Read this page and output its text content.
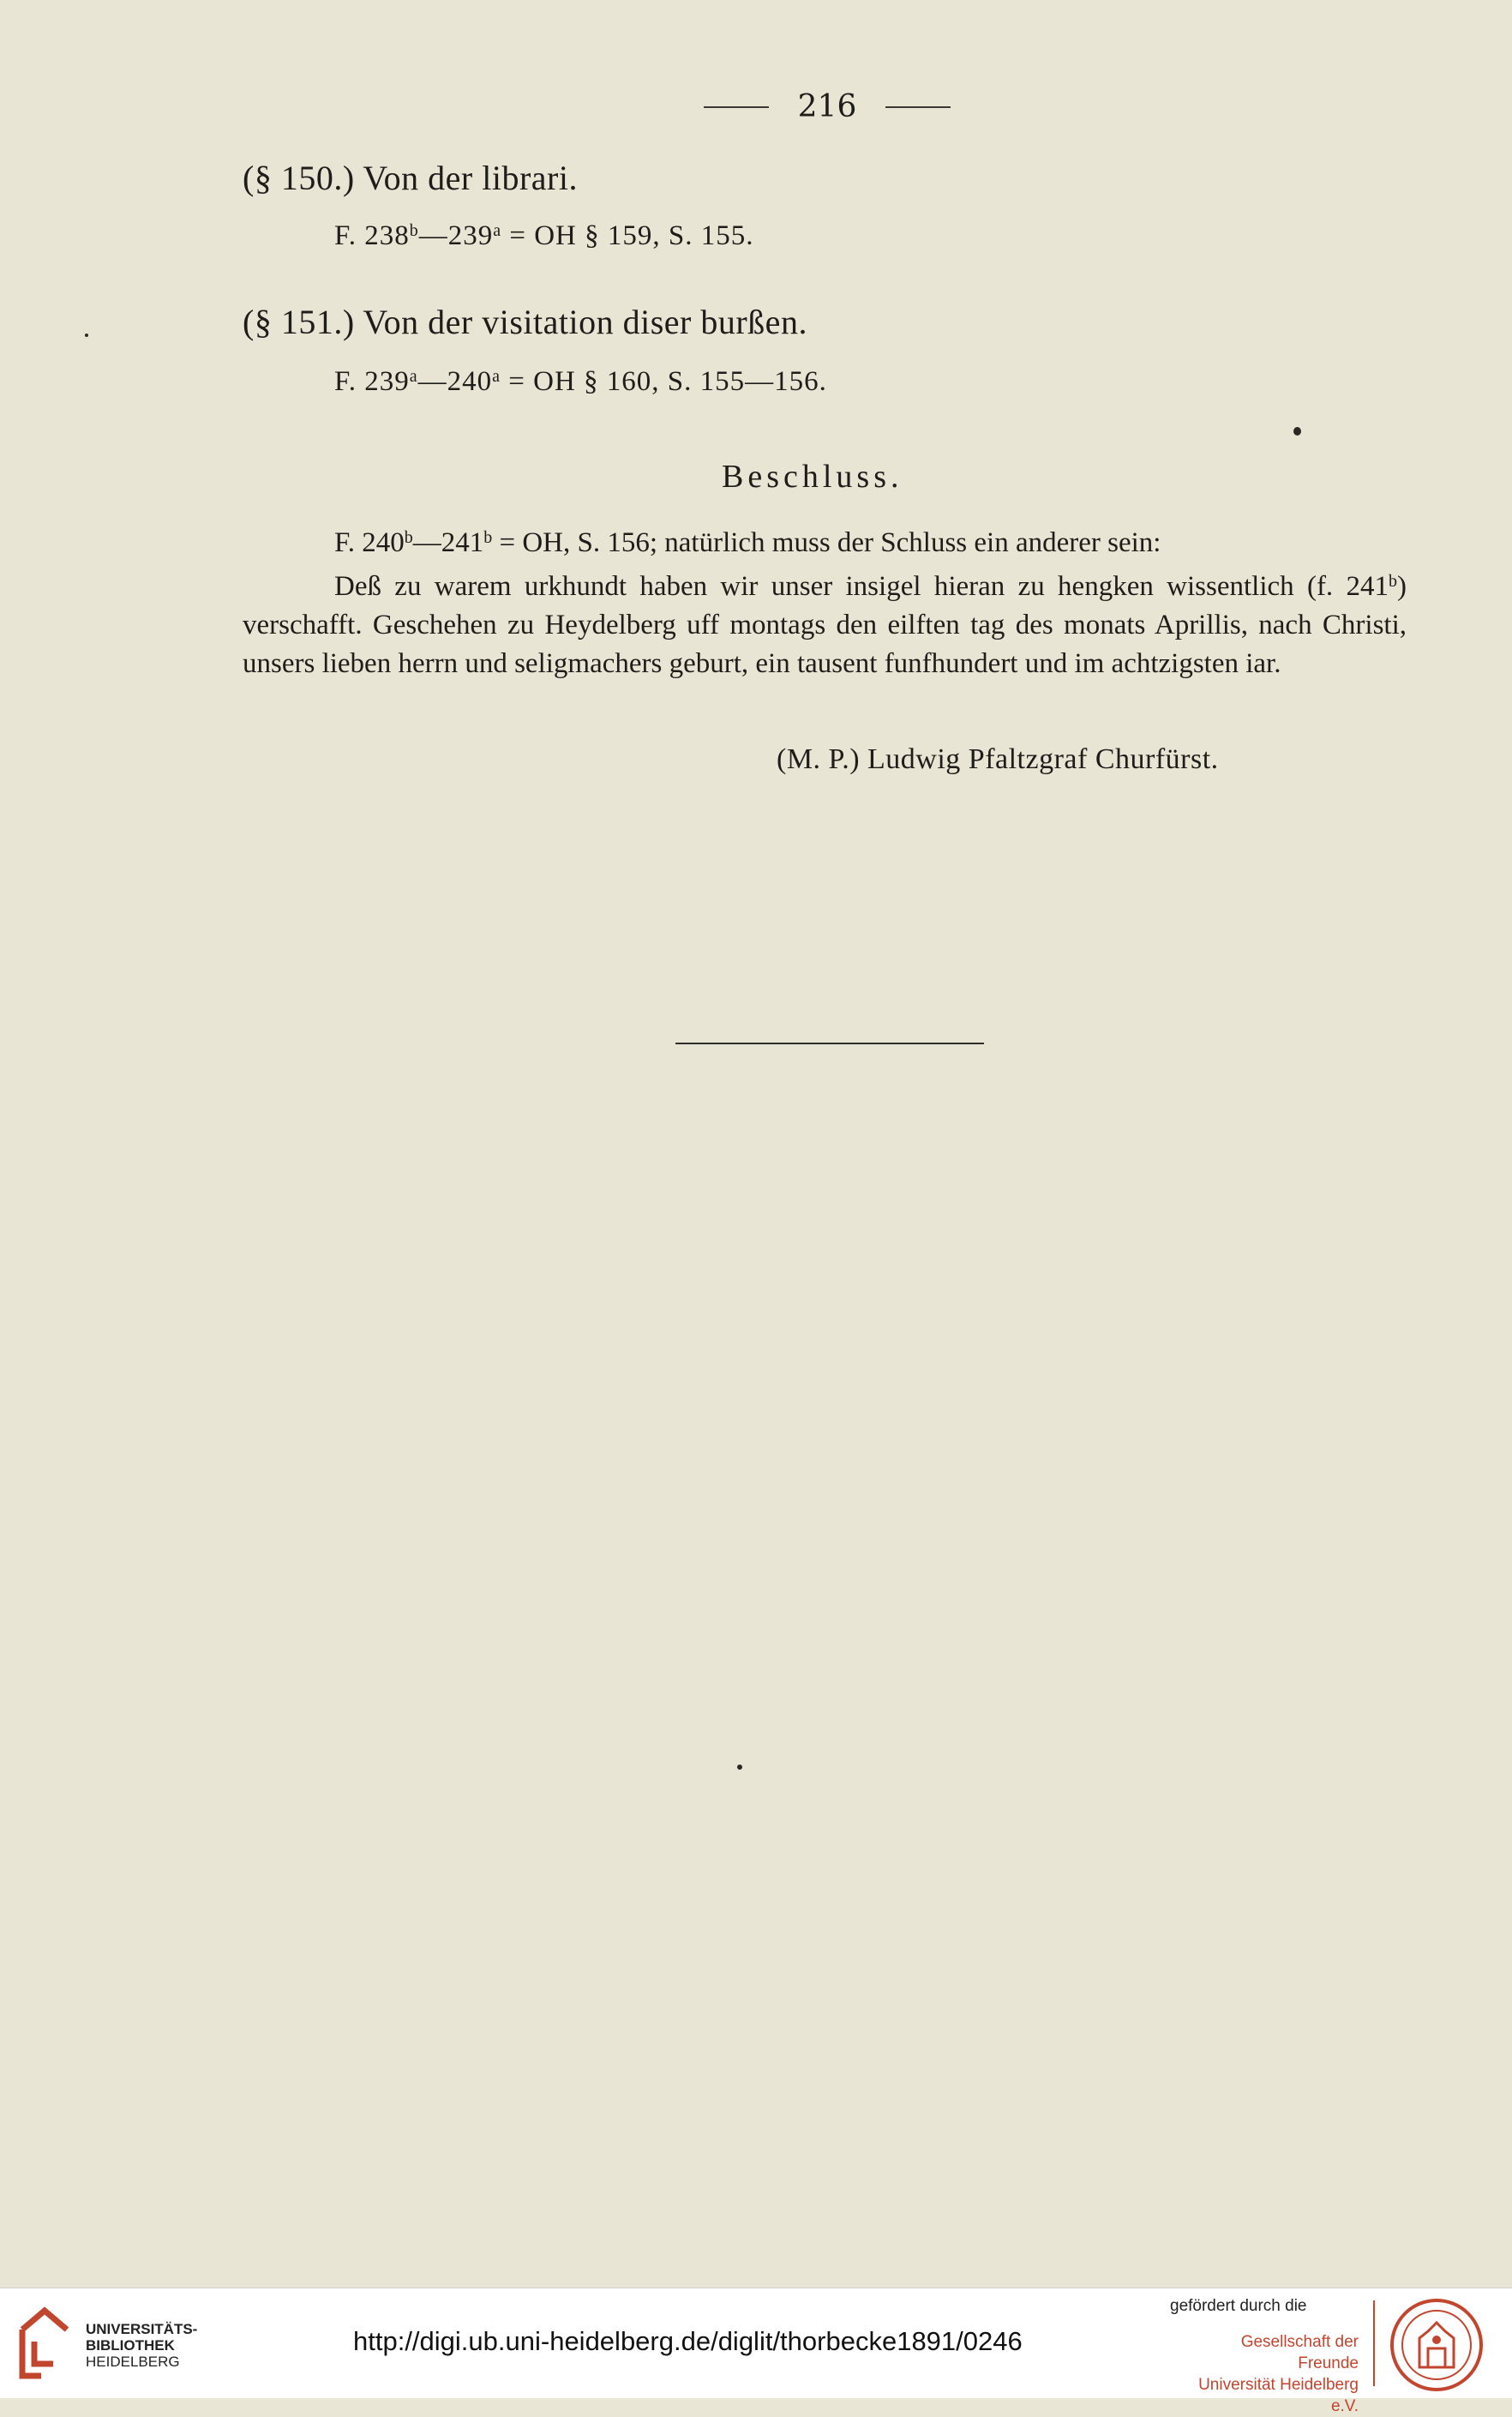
216
(§ 150.) Von der librari.
F. $238^b—239^a$ = OH § 159, S. 155.
(§ 151.) Von der visitation diser burßen.
F. $239^a—240^a$ = OH § 160, S. 155—156.
Beschluss.

F. $240^b—241^b$ = OH, S. 156; natürlich muss der Schluss ein anderer sein:

Deß zu warem urkhundt haben wir unser insigel hieran zu hengken wissentlich (f. 241$^b$) verschafft. Geschehen zu Heydelberg uff montags den eilften tag des monats Aprillis, nach Christi, unsers lieben herrn und seligmachers geburt, ein tausent funfhundert und im achtzigsten iar.

(M. P.) Ludwig Pfaltzgraf Churfürst.
UNIVERSITÄTS-
BIBLIOTHEK
HEIDELBERG
http://digi.ub.uni-heidelberg.de/diglit/thorbecke1891/0246
gefördert durch die
Gesellschaft der Freunde
Universität Heidelberg e.V.
